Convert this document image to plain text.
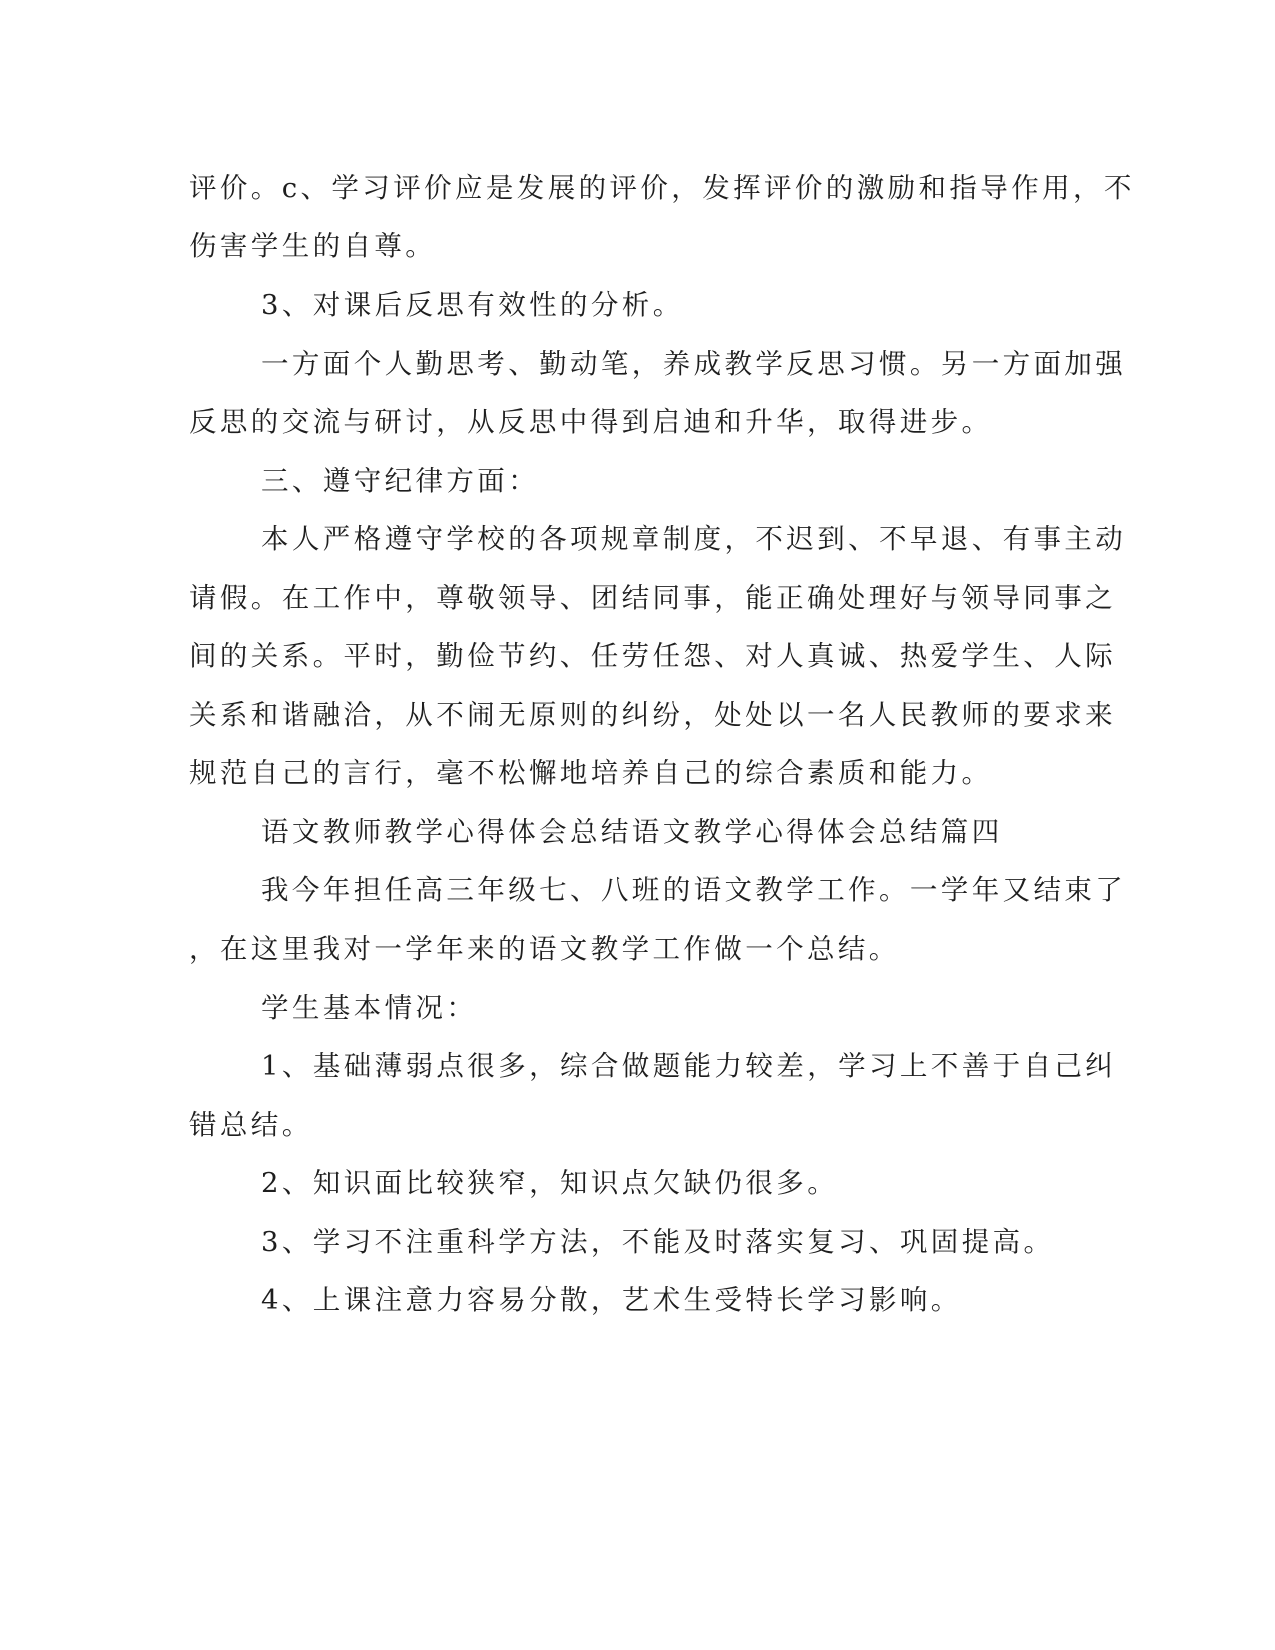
评价。c、学习评价应是发展的评价，发挥评价的激励和指导作用，不

伤害学生的自尊。

3、对课后反思有效性的分析。

一方面个人勤思考、勤动笔，养成教学反思习惯。另一方面加强

反思的交流与研讨，从反思中得到启迪和升华，取得进步。

三、遵守纪律方面：

本人严格遵守学校的各项规章制度，不迟到、不早退、有事主动

请假。在工作中，尊敬领导、团结同事，能正确处理好与领导同事之

间的关系。平时，勤俭节约、任劳任怨、对人真诚、热爱学生、人际

关系和谐融洽，从不闹无原则的纠纷，处处以一名人民教师的要求来

规范自己的言行，毫不松懈地培养自己的综合素质和能力。

语文教师教学心得体会总结语文教学心得体会总结篇四

我今年担任高三年级七、八班的语文教学工作。一学年又结束了

，在这里我对一学年来的语文教学工作做一个总结。

学生基本情况：

1、基础薄弱点很多，综合做题能力较差，学习上不善于自己纠

错总结。

2、知识面比较狭窄，知识点欠缺仍很多。

3、学习不注重科学方法，不能及时落实复习、巩固提高。

4、上课注意力容易分散，艺术生受特长学习影响。
